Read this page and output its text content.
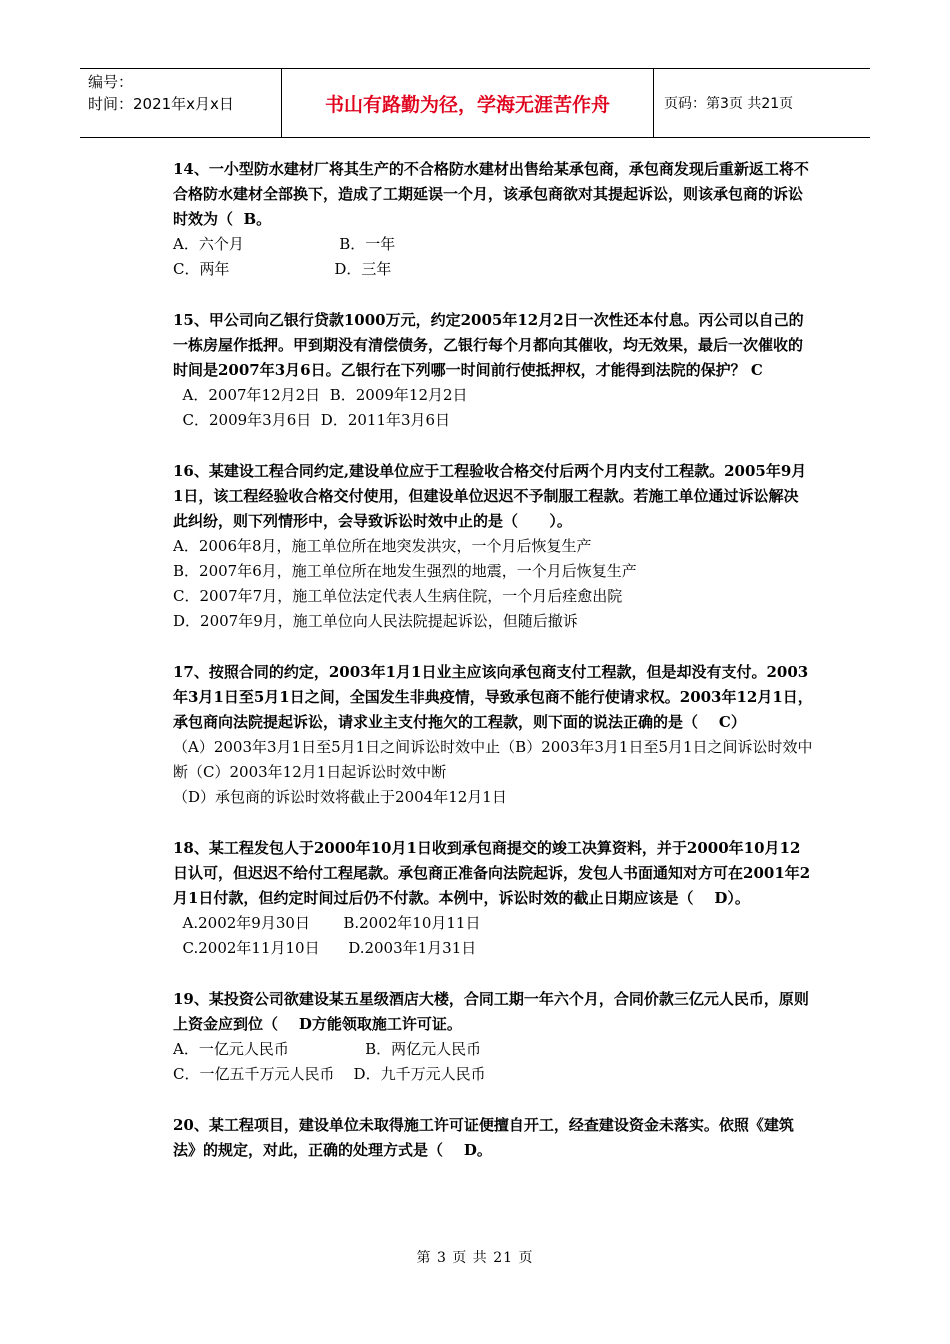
编号：
时间：2021年x月x日	书山有路勤为径，学海无涯苦作舟	页码：第3页 共21页
14、一小型防水建材厂将其生产的不合格防水建材出售给某承包商，承包商发现后重新返工将不合格防水建材全部换下，造成了工期延误一个月，该承包商欲对其提起诉讼，则该承包商的诉讼时效为（  B。
A．六个月                    B．一年
C．两年                      D．三年
15、甲公司向乙银行贷款1000万元，约定2005年12月2日一次性还本付息。丙公司以自己的一栋房屋作抵押。甲到期没有清偿债务，乙银行每个月都向其催收，均无效果，最后一次催收的时间是2007年3月6日。乙银行在下列哪一时间前行使抵押权，才能得到法院的保护？ C
A．2007年12月2日  B．2009年12月2日
C．2009年3月6日  D．2011年3月6日
16、某建设工程合同约定,建设单位应于工程验收合格交付后两个月内支付工程款。2005年9月1日，该工程经验收合格交付使用，但建设单位迟迟不予制服工程款。若施工单位通过诉讼解决此纠纷，则下列情形中，会导致诉讼时效中止的是（      ）。
A．2006年8月，施工单位所在地突发洪灾，一个月后恢复生产
B．2007年6月，施工单位所在地发生强烈的地震，一个月后恢复生产
C．2007年7月，施工单位法定代表人生病住院，一个月后痊愈出院
D．2007年9月，施工单位向人民法院提起诉讼，但随后撤诉
17、按照合同的约定，2003年1月1日业主应该向承包商支付工程款，但是却没有支付。2003年3月1日至5月1日之间，全国发生非典疫情，导致承包商不能行使请求权。2003年12月1日，承包商向法院提起诉讼，请求业主支付拖欠的工程款，则下面的说法正确的是（    C）
（A）2003年3月1日至5月1日之间诉讼时效中止（B）2003年3月1日至5月1日之间诉讼时效中断（C）2003年12月1日起诉讼时效中断
（D）承包商的诉讼时效将截止于2004年12月1日
18、某工程发包人于2000年10月1日收到承包商提交的竣工决算资料，并于2000年10月12日认可，但迟迟不给付工程尾款。承包商正准备向法院起诉，发包人书面通知对方可在2001年2月1日付款，但约定时间过后仍不付款。本例中，诉讼时效的截止日期应该是（    D）。
A.2002年9月30日       B.2002年10月11日
C.2002年11月10日      D.2003年1月31日
19、某投资公司欲建设某五星级酒店大楼，合同工期一年六个月，合同价款三亿元人民币，原则上资金应到位（    D方能领取施工许可证。
A．一亿元人民币                B．两亿元人民币
C．一亿五千万元人民币    D．九千万元人民币
20、某工程项目，建设单位未取得施工许可证便擅自开工，经查建设资金未落实。依照《建筑法》的规定，对此，正确的处理方式是（    D。
第 3 页 共 21 页
